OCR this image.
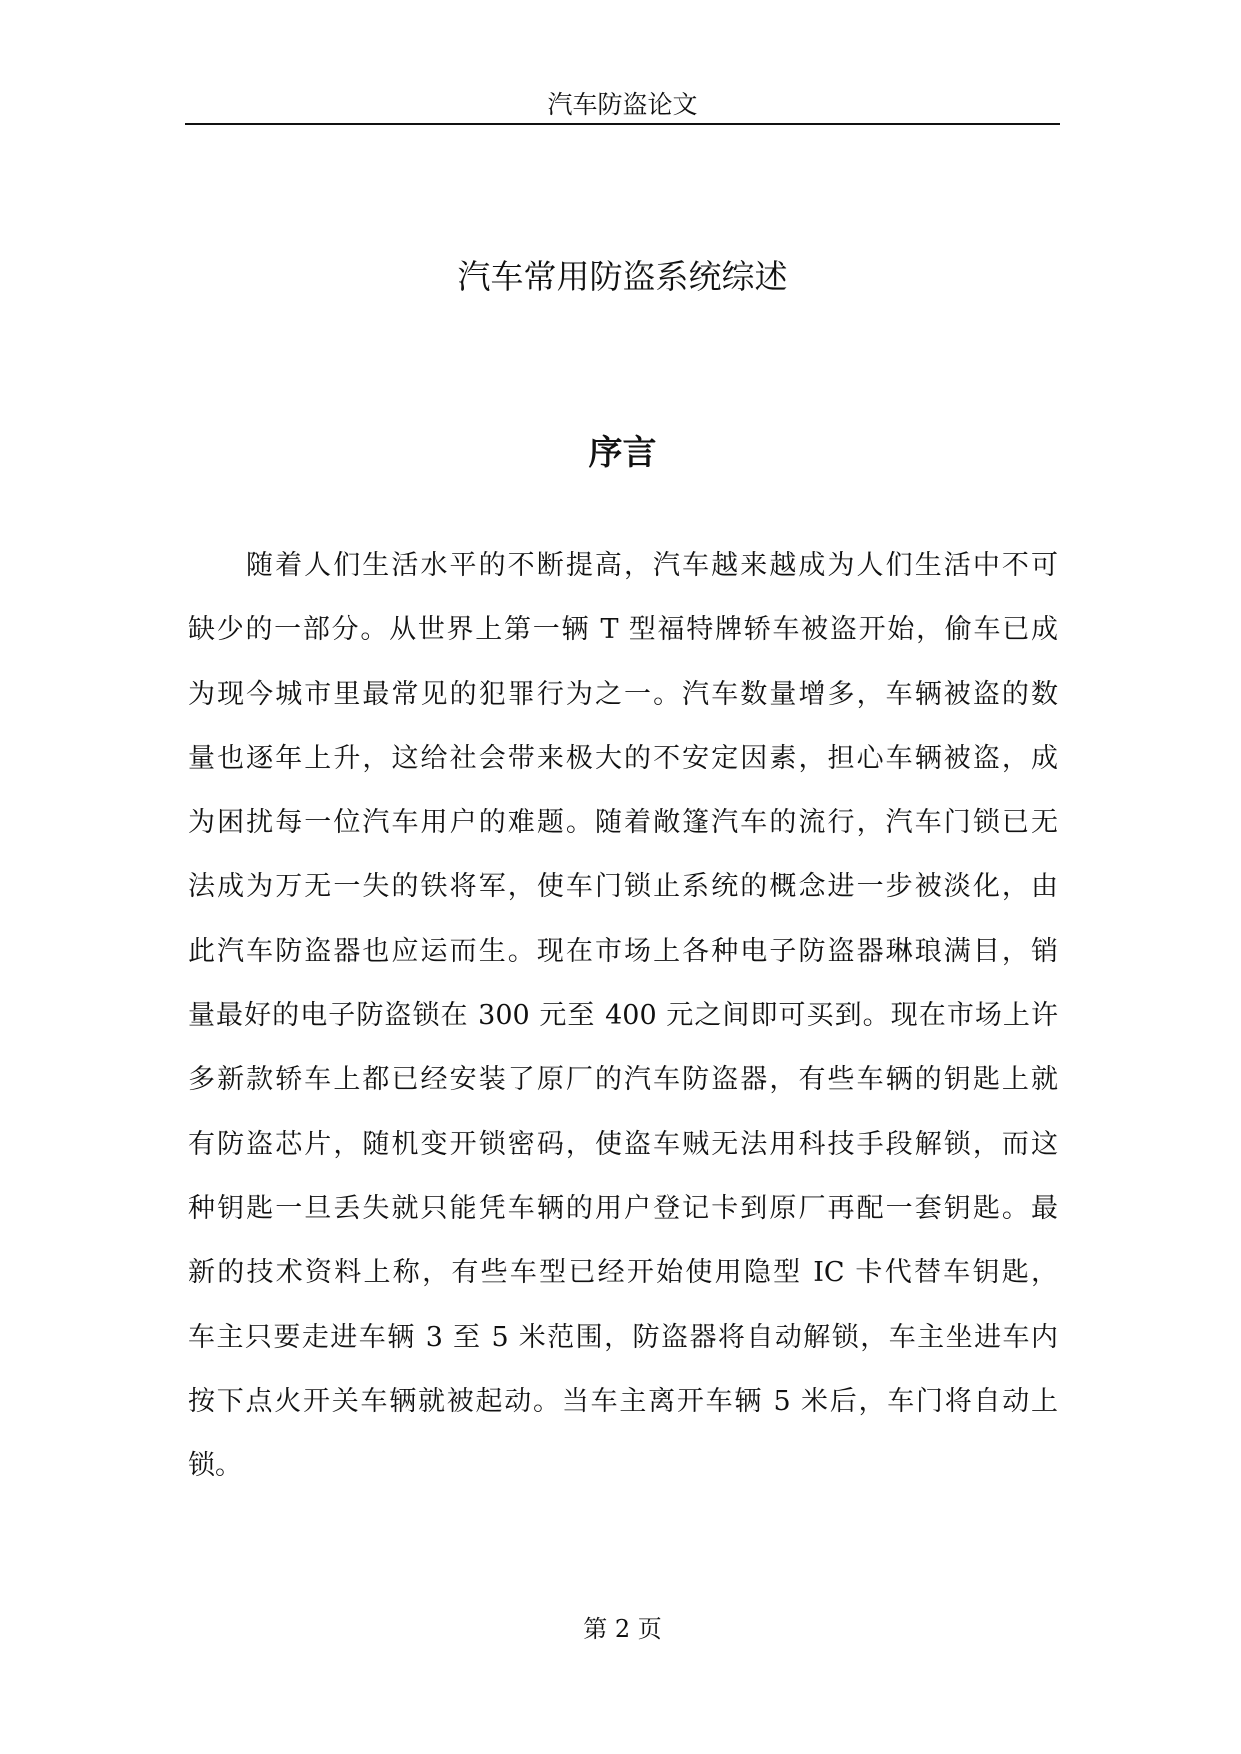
汽车防盗论文
汽车常用防盗系统综述
序言

随着人们生活水平的不断提高，汽车越来越成为人们生活中不可
缺少的一部分。从世界上第一辆 T 型福特牌轿车被盗开始，偷车已成
为现今城市里最常见的犯罪行为之一。汽车数量增多，车辆被盗的数
量也逐年上升，这给社会带来极大的不安定因素，担心车辆被盗，成
为困扰每一位汽车用户的难题。随着敞篷汽车的流行，汽车门锁已无
法成为万无一失的铁将军，使车门锁止系统的概念进一步被淡化，由
此汽车防盗器也应运而生。现在市场上各种电子防盗器琳琅满目，销
量最好的电子防盗锁在 300 元至 400 元之间即可买到。现在市场上许
多新款轿车上都已经安装了原厂的汽车防盗器，有些车辆的钥匙上就
有防盗芯片，随机变开锁密码，使盗车贼无法用科技手段解锁，而这
种钥匙一旦丢失就只能凭车辆的用户登记卡到原厂再配一套钥匙。最
新的技术资料上称，有些车型已经开始使用隐型 IC 卡代替车钥匙，
车主只要走进车辆 3 至 5 米范围，防盗器将自动解锁，车主坐进车内
按下点火开关车辆就被起动。当车主离开车辆 5 米后，车门将自动上
锁。

第 2 页
